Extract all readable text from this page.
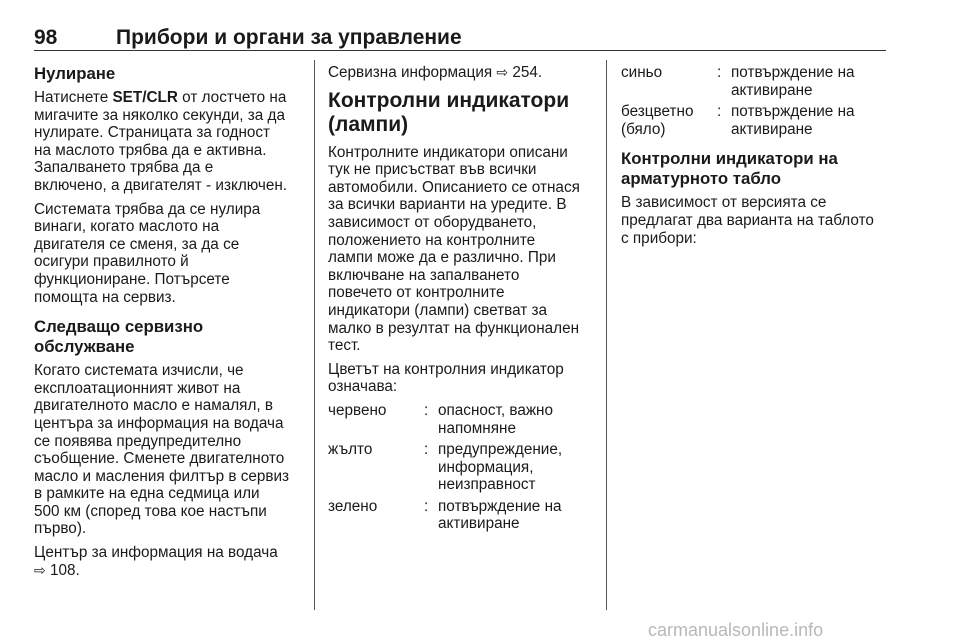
98	Прибори и органи за управление
Нулиране

Натиснете SET/CLR от лостчето на
мигачите за няколко секунди, за да
нулирате. Страницата за годност
на маслото трябва да е активна.
Запалването трябва да е
включено, а двигателят - изключен.

Системата трябва да се нулира
винаги, когато маслото на
двигателя се сменя, за да се
осигури правилното й
функциониране. Потърсете
помощта на сервиз.

Следващо сервизно
обслужване

Когато системата изчисли, че
експлоатационният живот на
двигателното масло е намалял, в
центъра за информация на водача
се появява предупредително
съобщение. Сменете двигателното
масло и масления филтър в сервиз
в рамките на една седмица или
500 км (според това кое настъпи
първо).

Център за информация на водача
⇨ 108.

Сервизна информация ⇨ 254.

Контролни индикатори
(лампи)

Контролните индикатори описани
тук не присъстват във всички
автомобили. Описанието се отнася
за всички варианти на уредите. В
зависимост от оборудването,
положението на контролните
лампи може да е различно. При
включване на запалването
повечето от контролните
индикатори (лампи) светват за
малко в резултат на функционален
тест.

Цветът на контролния индикатор
означава:

червено	: опасност, важно
напомняне
жълто	: предупреждение,
информация,
неизправност
зелено	: потвърждение на
активиране
синьо	: потвърждение на
активиране
безцветно
(бяло)
: потвърждение на
активиране
Контролни индикатори на
арматурното табло

В зависимост от версията се
предлагат два варианта на таблото
с прибори:

carmanualsonline.info
